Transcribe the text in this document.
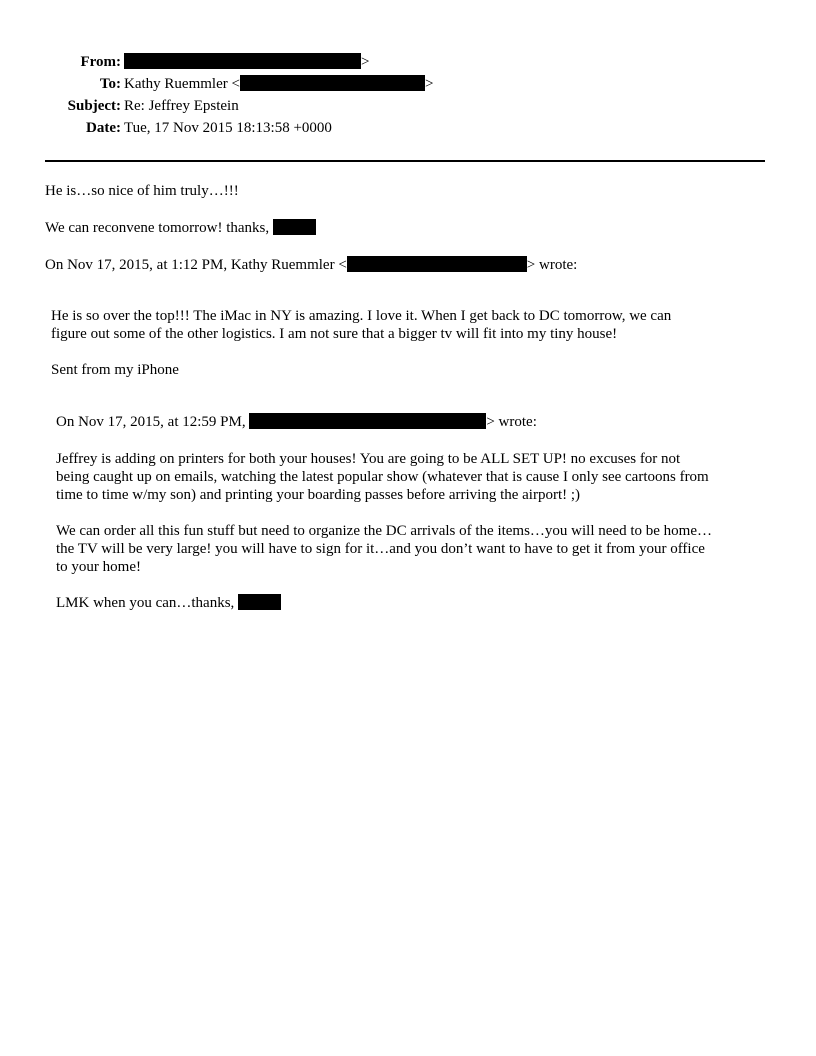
From:	>
To: Kathy Ruemmler <	>
Subject: Re: Jeffrey Epstein
Date: Tue, 17 Nov 2015 18:13:58 +0000
He is…so nice of him truly…!!!
We can reconvene tomorrow! thanks,
On Nov 17, 2015, at 1:12 PM, Kathy Ruemmler <	> wrote:
He is so over the top!!! The iMac in NY is amazing. I love it. When I get back to DC tomorrow, we can
figure out some of the other logistics. I am not sure that a bigger tv will fit into my tiny house!
Sent from my iPhone
On Nov 17, 2015, at 12:59 PM,	> wrote:
Jeffrey is adding on printers for both your houses! You are going to be ALL SET UP! no excuses for not
being caught up on emails, watching the latest popular show (whatever that is cause I only see cartoons from
time to time w/my son) and printing your boarding passes before arriving the airport! ;)
We can order all this fun stuff but need to organize the DC arrivals of the items…you will need to be home…
the TV will be very large! you will have to sign for it…and you don’t want to have to get it from your office
to your home!
LMK when you can…thanks,
